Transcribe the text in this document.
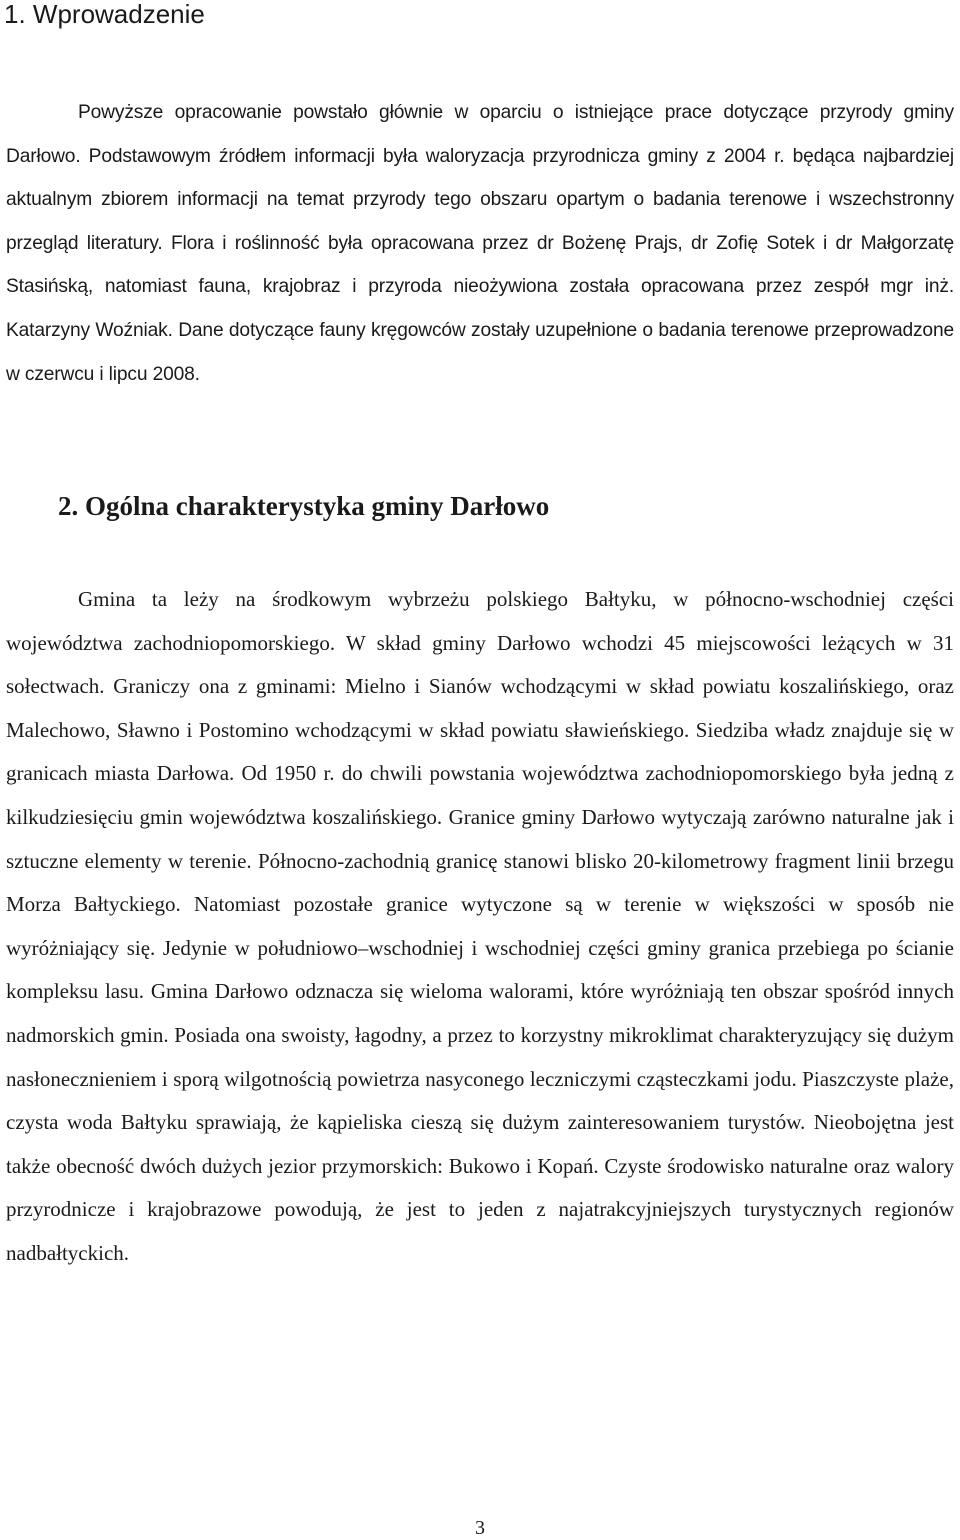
1. Wprowadzenie

Powyższe opracowanie powstało głównie w oparciu o istniejące prace dotyczące przyrody gminy Darłowo. Podstawowym źródłem informacji była waloryzacja przyrodnicza gminy z 2004 r. będąca najbardziej aktualnym zbiorem informacji na temat przyrody tego obszaru opartym o badania terenowe i wszechstronny przegląd literatury. Flora i roślinność była opracowana przez dr Bożenę Prajs, dr Zofię Sotek i dr Małgorzatę Stasińską, natomiast fauna, krajobraz i przyroda nieożywiona została opracowana przez zespół mgr inż. Katarzyny Woźniak. Dane dotyczące fauny kręgowców zostały uzupełnione o badania terenowe przeprowadzone w czerwcu i lipcu 2008.

2. Ogólna charakterystyka gminy Darłowo

Gmina ta leży na środkowym wybrzeżu polskiego Bałtyku, w północno-wschodniej części województwa zachodniopomorskiego. W skład gminy Darłowo wchodzi 45 miejscowości leżących w 31 sołectwach. Graniczy ona z gminami: Mielno i Sianów wchodzącymi w skład powiatu koszalińskiego, oraz Malechowo, Sławno i Postomino wchodzącymi w skład powiatu sławieńskiego. Siedziba władz znajduje się w granicach miasta Darłowa. Od 1950 r. do chwili powstania województwa zachodniopomorskiego była jedną z kilkudziesięciu gmin województwa koszalińskiego. Granice gminy Darłowo wytyczają zarówno naturalne jak i sztuczne elementy w terenie. Północno-zachodnią granicę stanowi blisko 20-kilometrowy fragment linii brzegu Morza Bałtyckiego. Natomiast pozostałe granice wytyczone są w terenie w większości w sposób nie wyróżniający się. Jedynie w południowo–wschodniej i wschodniej części gminy granica przebiega po ścianie kompleksu lasu. Gmina Darłowo odznacza się wieloma walorami, które wyróżniają ten obszar spośród innych nadmorskich gmin. Posiada ona swoisty, łagodny, a przez to korzystny mikroklimat charakteryzujący się dużym nasłonecznieniem i sporą wilgotnością powietrza nasyconego leczniczymi cząsteczkami jodu. Piaszczyste plaże, czysta woda Bałtyku sprawiają, że kąpieliska cieszą się dużym zainteresowaniem turystów. Nieobojętna jest także obecność dwóch dużych jezior przymorskich: Bukowo i Kopań. Czyste środowisko naturalne oraz walory przyrodnicze i krajobrazowe powodują, że jest to jeden z najatrakcyjniejszych turystycznych regionów nadbałtyckich.

3
